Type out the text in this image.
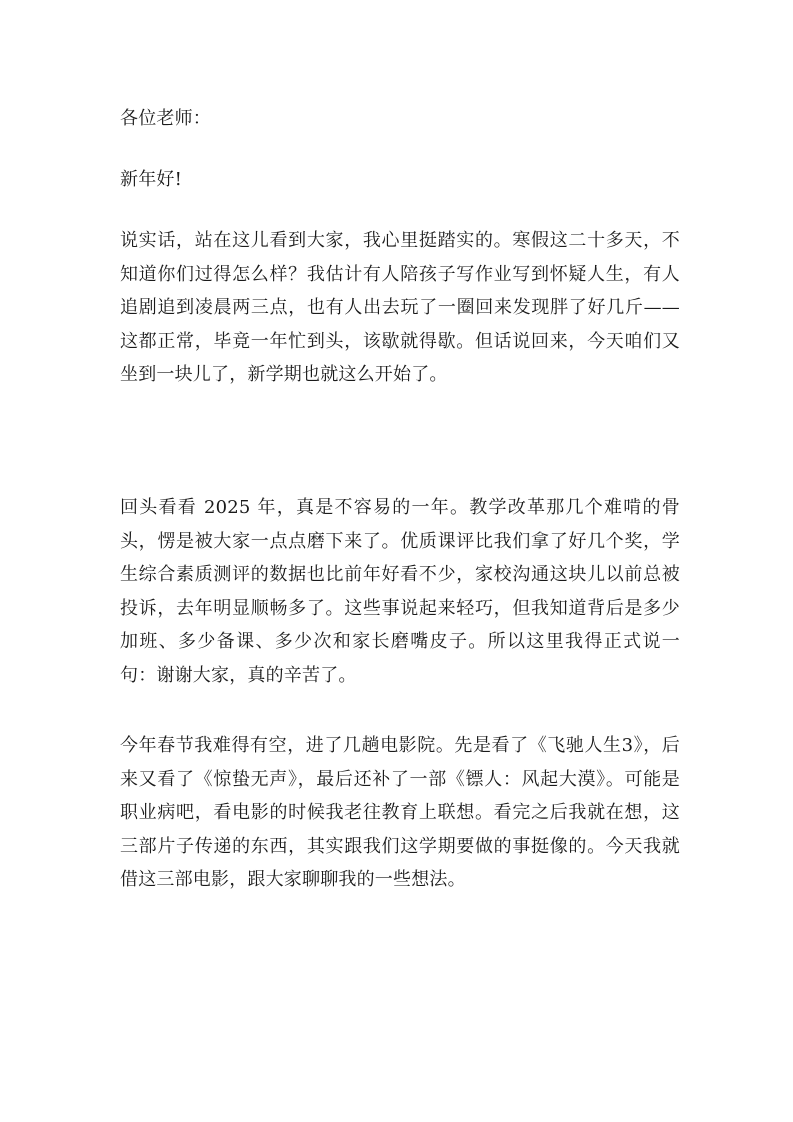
各位老师：

新年好!

说实话，站在这儿看到大家，我心里挺踏实的。寒假这二十多天，不知道你们过得怎么样？我估计有人陪孩子写作业写到怀疑人生，有人追剧追到凌晨两三点，也有人出去玩了一圈回来发现胖了好几斤——这都正常，毕竟一年忙到头，该歇就得歇。但话说回来，今天咱们又坐到一块儿了，新学期也就这么开始了。

回头看看 2025 年，真是不容易的一年。教学改革那几个难啃的骨头，愣是被大家一点点磨下来了。优质课评比我们拿了好几个奖，学生综合素质测评的数据也比前年好看不少，家校沟通这块儿以前总被投诉，去年明显顺畅多了。这些事说起来轻巧，但我知道背后是多少加班、多少备课、多少次和家长磨嘴皮子。所以这里我得正式说一句：谢谢大家，真的辛苦了。

今年春节我难得有空，进了几趟电影院。先是看了《飞驰人生3》，后来又看了《惊蛰无声》，最后还补了一部《镖人：风起大漠》。可能是职业病吧，看电影的时候我老往教育上联想。看完之后我就在想，这三部片子传递的东西，其实跟我们这学期要做的事挺像的。今天我就借这三部电影，跟大家聊聊我的一些想法。
